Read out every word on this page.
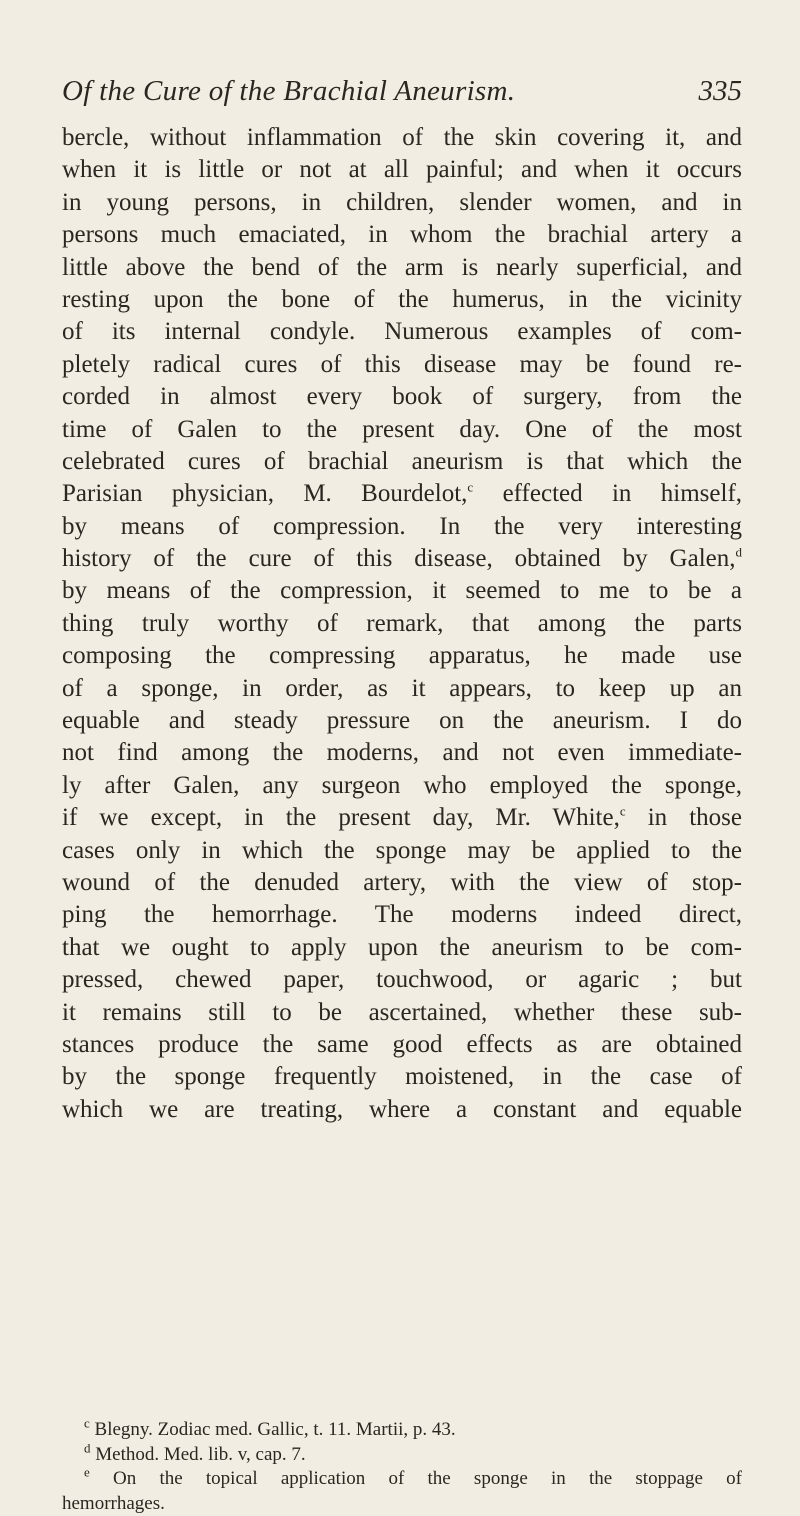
Of the Cure of the Brachial Aneurism.	335
bercle, without inflammation of the skin covering it, and
when it is little or not at all painful; and when it occurs
in young persons, in children, slender women, and in
persons much emaciated, in whom the brachial artery a
little above the bend of the arm is nearly superficial, and
resting upon the bone of the humerus, in the vicinity
of its internal condyle. Numerous examples of com-
pletely radical cures of this disease may be found re-
corded in almost every book of surgery, from the
time of Galen to the present day. One of the most
celebrated cures of brachial aneurism is that which the
Parisian physician, M. Bourdelot,$^c$ effected in himself,
by means of compression. In the very interesting
history of the cure of this disease, obtained by Galen,$^d$
by means of the compression, it seemed to me to be a
thing truly worthy of remark, that among the parts
composing the compressing apparatus, he made use
of a sponge, in order, as it appears, to keep up an
equable and steady pressure on the aneurism. I do
not find among the moderns, and not even immediate-
ly after Galen, any surgeon who employed the sponge,
if we except, in the present day, Mr. White,$^c$ in those
cases only in which the sponge may be applied to the
wound of the denuded artery, with the view of stop-
ping the hemorrhage. The moderns indeed direct,
that we ought to apply upon the aneurism to be com-
pressed, chewed paper, touchwood, or agaric ; but
it remains still to be ascertained, whether these sub-
stances produce the same good effects as are obtained
by the sponge frequently moistened, in the case of
which we are treating, where a constant and equable
$^c$ Blegny. Zodiac med. Gallic, t. 11. Martii, p. 43.
$^d$ Method. Med. lib. v, cap. 7.
$^e$ On the topical application of the sponge in the stoppage of
hemorrhages.
